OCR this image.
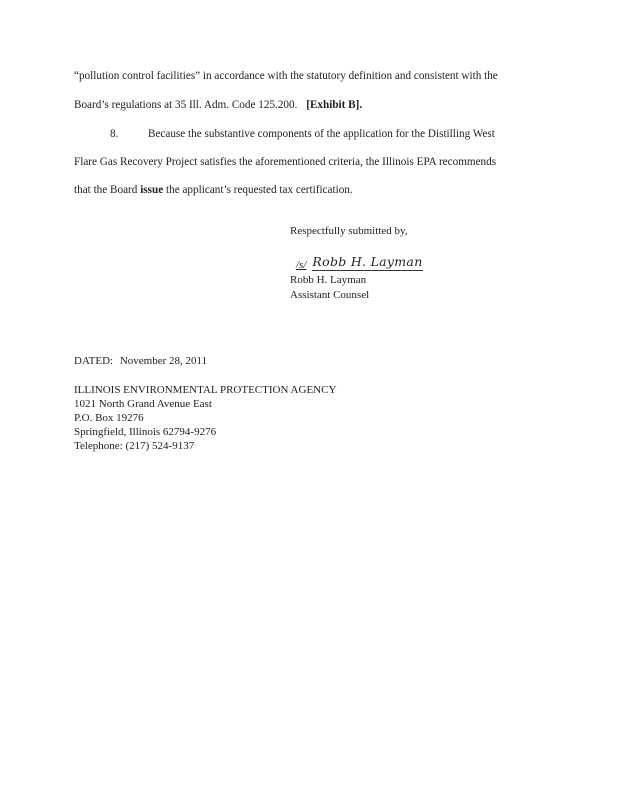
“pollution control facilities” in accordance with the statutory definition and consistent with the
Board’s regulations at 35 Ill. Adm. Code 125.200. [Exhibit B].
8.	Because the substantive components of the application for the Distilling West
Flare Gas Recovery Project satisfies the aforementioned criteria, the Illinois EPA recommends
that the Board issue the applicant’s requested tax certification.
Respectfully submitted by,
/s/ Robb H. Layman
Robb H. Layman
Assistant Counsel
DATED: November 28, 2011
ILLINOIS ENVIRONMENTAL PROTECTION AGENCY
1021 North Grand Avenue East
P.O. Box 19276
Springfield, Illinois 62794-9276
Telephone: (217) 524-9137
